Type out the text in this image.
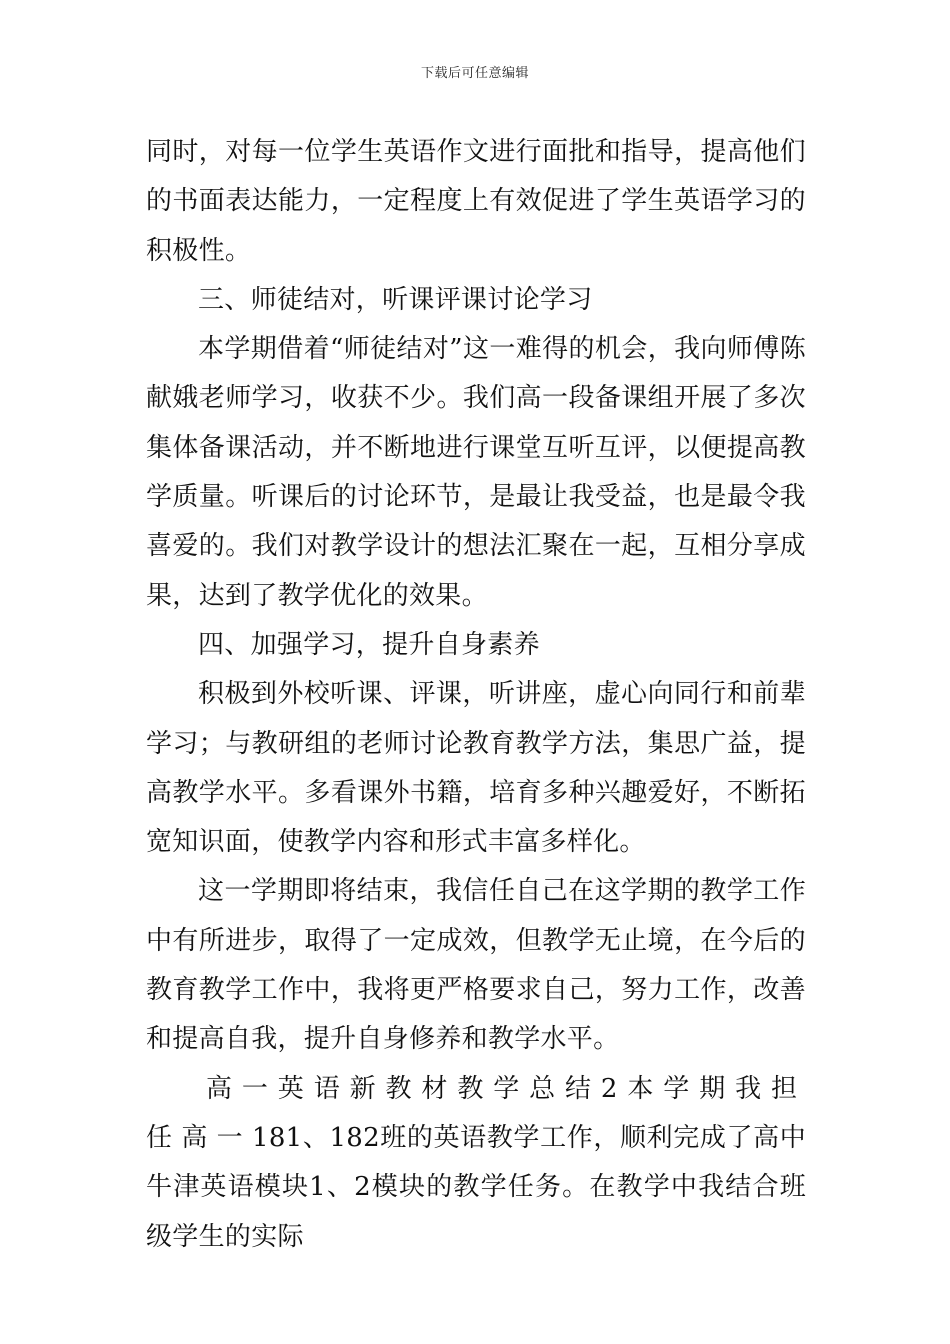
下载后可任意编辑

同时，对每一位学生英语作文进行面批和指导，提高他们的书面表达能力，一定程度上有效促进了学生英语学习的积极性。

三、师徒结对，听课评课讨论学习

本学期借着“师徒结对”这一难得的机会，我向师傅陈献娥老师学习，收获不少。我们高一段备课组开展了多次集体备课活动，并不断地进行课堂互听互评，以便提高教学质量。听课后的讨论环节，是最让我受益，也是最令我喜爱的。我们对教学设计的想法汇聚在一起，互相分享成果，达到了教学优化的效果。

四、加强学习，提升自身素养

积极到外校听课、评课，听讲座，虚心向同行和前辈学习；与教研组的老师讨论教育教学方法，集思广益，提高教学水平。多看课外书籍，培育多种兴趣爱好，不断拓宽知识面，使教学内容和形式丰富多样化。

这一学期即将结束，我信任自己在这学期的教学工作中有所进步，取得了一定成效，但教学无止境，在今后的教育教学工作中，我将更严格要求自己，努力工作，改善和提高自我，提升自身修养和教学水平。

高一英语新教材教学总结2本学期我担任高一181、182班的英语教学工作，顺利完成了高中牛津英语模块1、2模块的教学任务。在教学中我结合班级学生的实际
